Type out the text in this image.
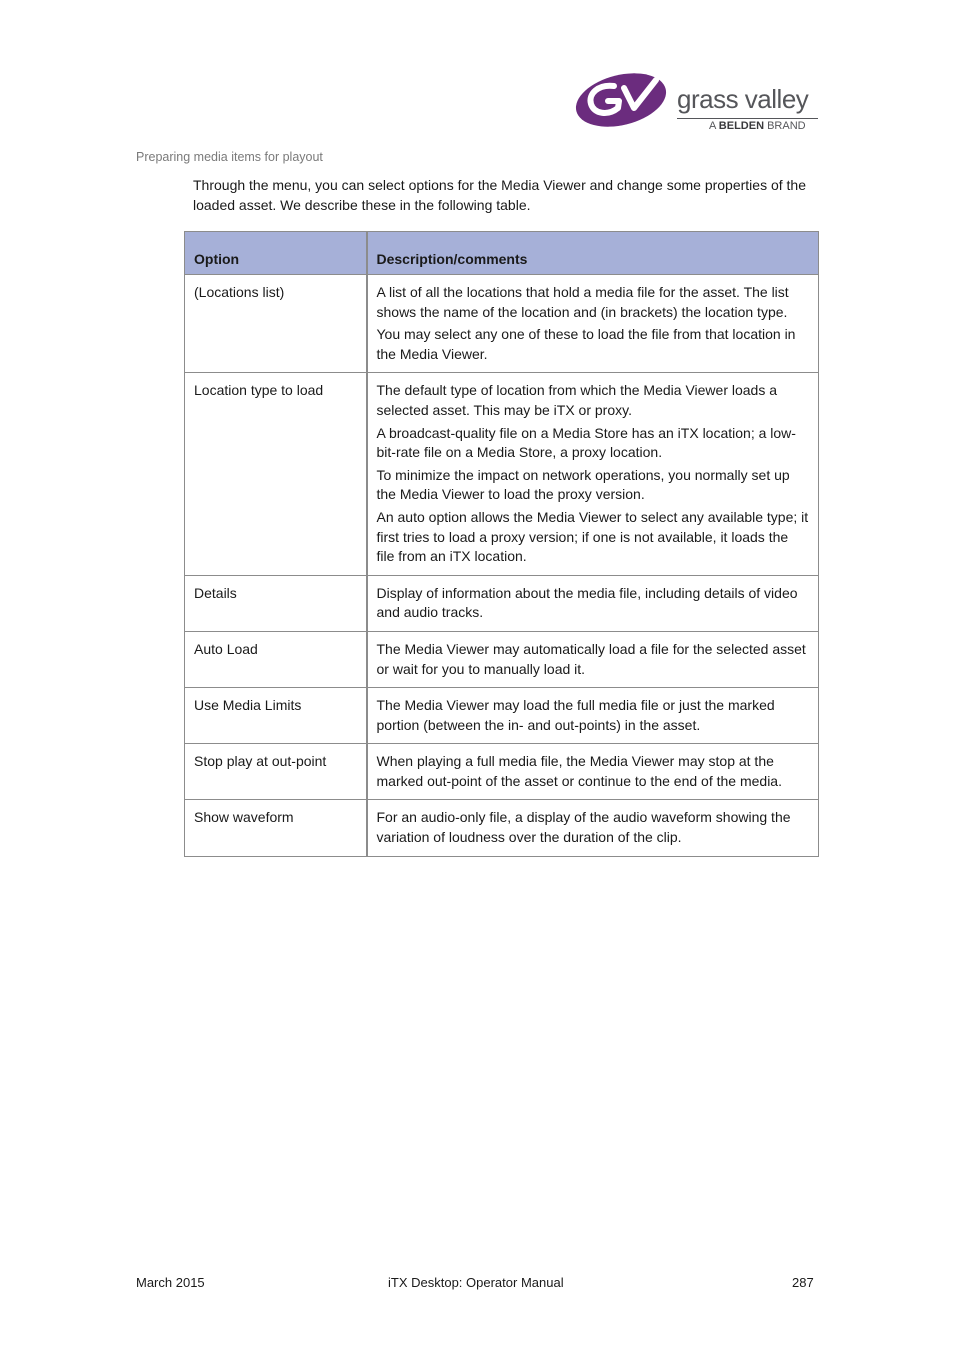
grass valley
A BELDEN BRAND
Preparing media items for playout
Through the menu, you can select options for the Media Viewer and change some properties of the loaded asset. We describe these in the following table.
Option	Description/comments
(Locations list)	A list of all the locations that hold a media file for the asset. The list shows the name of the location and (in brackets) the location type.

You may select any one of these to load the file from that location in the Media Viewer.

Location type to load	The default type of location from which the Media Viewer loads a selected asset. This may be iTX or proxy.

A broadcast-quality file on a Media Store has an iTX location; a low-bit-rate file on a Media Store, a proxy location.

To minimize the impact on network operations, you normally set up the Media Viewer to load the proxy version.

An auto option allows the Media Viewer to select any available type; it first tries to load a proxy version; if one is not available, it loads the file from an iTX location.

Details	Display of information about the media file, including details of video and audio tracks.

Auto Load	The Media Viewer may automatically load a file for the selected asset or wait for you to manually load it.

Use Media Limits	The Media Viewer may load the full media file or just the marked portion (between the in- and out-points) in the asset.

Stop play at out-point	When playing a full media file, the Media Viewer may stop at the marked out-point of the asset or continue to the end of the media.

Show waveform	For an audio-only file, a display of the audio waveform showing the variation of loudness over the duration of the clip.

March 2015	iTX Desktop: Operator Manual	287
